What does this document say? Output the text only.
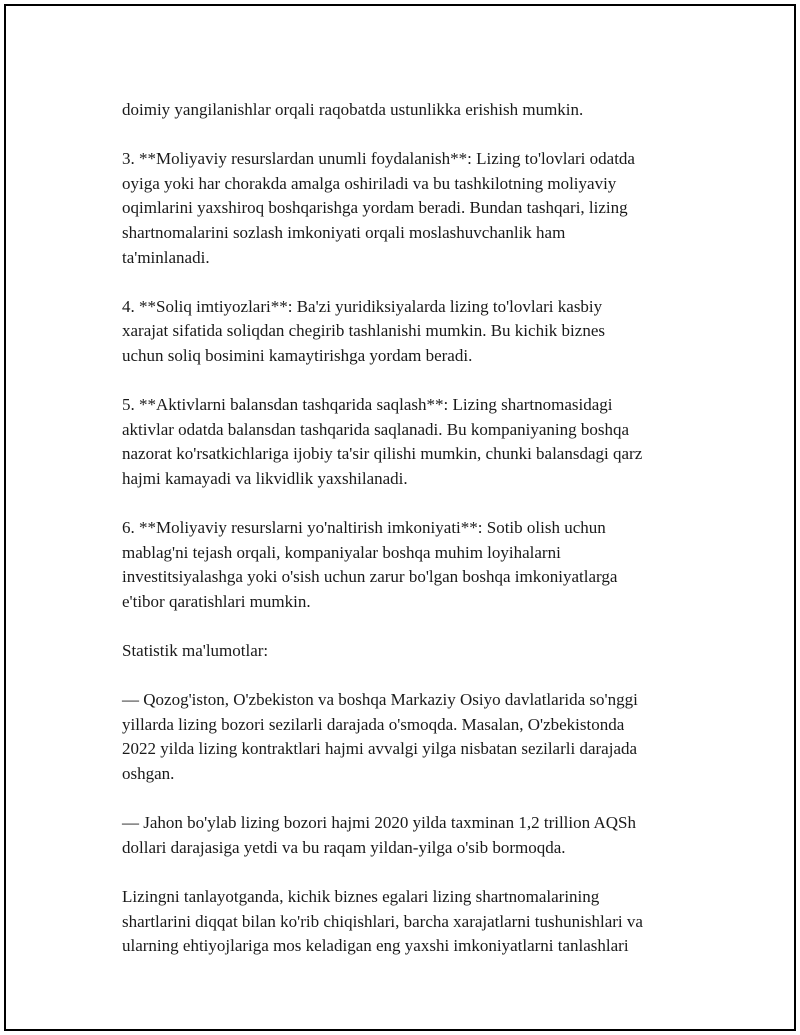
doimiy yangilanishlar orqali raqobatda ustunlikka erishish mumkin.

3. **Moliyaviy resurslardan unumli foydalanish**: Lizing to'lovlari odatda
oyiga yoki har chorakda amalga oshiriladi va bu tashkilotning moliyaviy
oqimlarini yaxshiroq boshqarishga yordam beradi. Bundan tashqari, lizing
shartnomalarini sozlash imkoniyati orqali moslashuvchanlik ham
ta'minlanadi.

4. **Soliq imtiyozlari**: Ba'zi yuridiksiyalarda lizing to'lovlari kasbiy
xarajat sifatida soliqdan chegirib tashlanishi mumkin. Bu kichik biznes
uchun soliq bosimini kamaytirishga yordam beradi.

5. **Aktivlarni balansdan tashqarida saqlash**: Lizing shartnomasidagi
aktivlar odatda balansdan tashqarida saqlanadi. Bu kompaniyaning boshqa
nazorat ko'rsatkichlariga ijobiy ta'sir qilishi mumkin, chunki balansdagi qarz
hajmi kamayadi va likvidlik yaxshilanadi.

6. **Moliyaviy resurslarni yo'naltirish imkoniyati**: Sotib olish uchun
mablag'ni tejash orqali, kompaniyalar boshqa muhim loyihalarni
investitsiyalashga yoki o'sish uchun zarur bo'lgan boshqa imkoniyatlarga
e'tibor qaratishlari mumkin.

Statistik ma'lumotlar:

— Qozog'iston, O'zbekiston va boshqa Markaziy Osiyo davlatlarida so'nggi
yillarda lizing bozori sezilarli darajada o'smoqda. Masalan, O'zbekistonda
2022 yilda lizing kontraktlari hajmi avvalgi yilga nisbatan sezilarli darajada
oshgan.

— Jahon bo'ylab lizing bozori hajmi 2020 yilda taxminan 1,2 trillion AQSh
dollari darajasiga yetdi va bu raqam yildan-yilga o'sib bormoqda.

Lizingni tanlayotganda, kichik biznes egalari lizing shartnomalarining
shartlarini diqqat bilan ko'rib chiqishlari, barcha xarajatlarni tushunishlari va
ularning ehtiyojlariga mos keladigan eng yaxshi imkoniyatlarni tanlashlari
